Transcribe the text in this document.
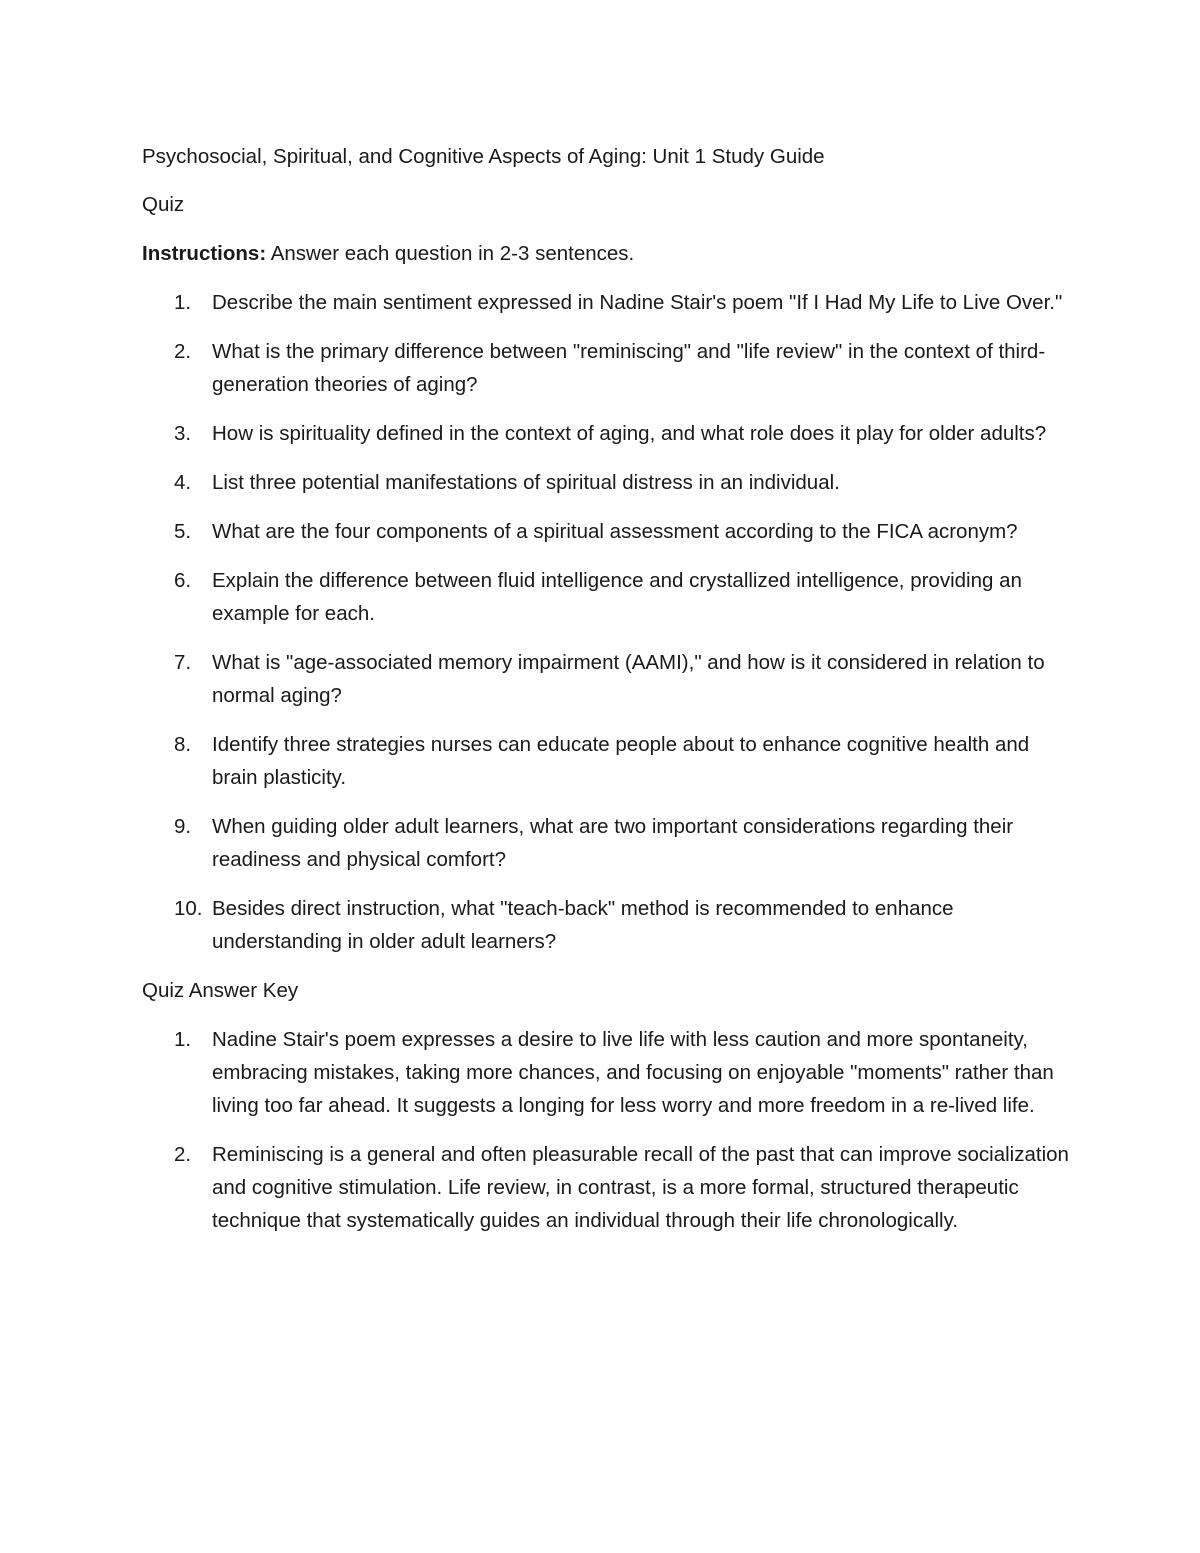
Psychosocial, Spiritual, and Cognitive Aspects of Aging: Unit 1 Study Guide

Quiz

Instructions: Answer each question in 2-3 sentences.

1.	Describe the main sentiment expressed in Nadine Stair's poem "If I Had My Life to Live Over."
2.	What is the primary difference between "reminiscing" and "life review" in the context of third-generation theories of aging?
3.	How is spirituality defined in the context of aging, and what role does it play for older adults?
4.	List three potential manifestations of spiritual distress in an individual.
5.	What are the four components of a spiritual assessment according to the FICA acronym?
6.	Explain the difference between fluid intelligence and crystallized intelligence, providing an example for each.
7.	What is "age-associated memory impairment (AAMI)," and how is it considered in relation to normal aging?
8.	Identify three strategies nurses can educate people about to enhance cognitive health and brain plasticity.
9.	When guiding older adult learners, what are two important considerations regarding their readiness and physical comfort?
10. Besides direct instruction, what "teach-back" method is recommended to enhance understanding in older adult learners?

Quiz Answer Key

1.	Nadine Stair's poem expresses a desire to live life with less caution and more spontaneity, embracing mistakes, taking more chances, and focusing on enjoyable "moments" rather than living too far ahead. It suggests a longing for less worry and more freedom in a re-lived life.
2.	Reminiscing is a general and often pleasurable recall of the past that can improve socialization and cognitive stimulation. Life review, in contrast, is a more formal, structured therapeutic technique that systematically guides an individual through their life chronologically.
